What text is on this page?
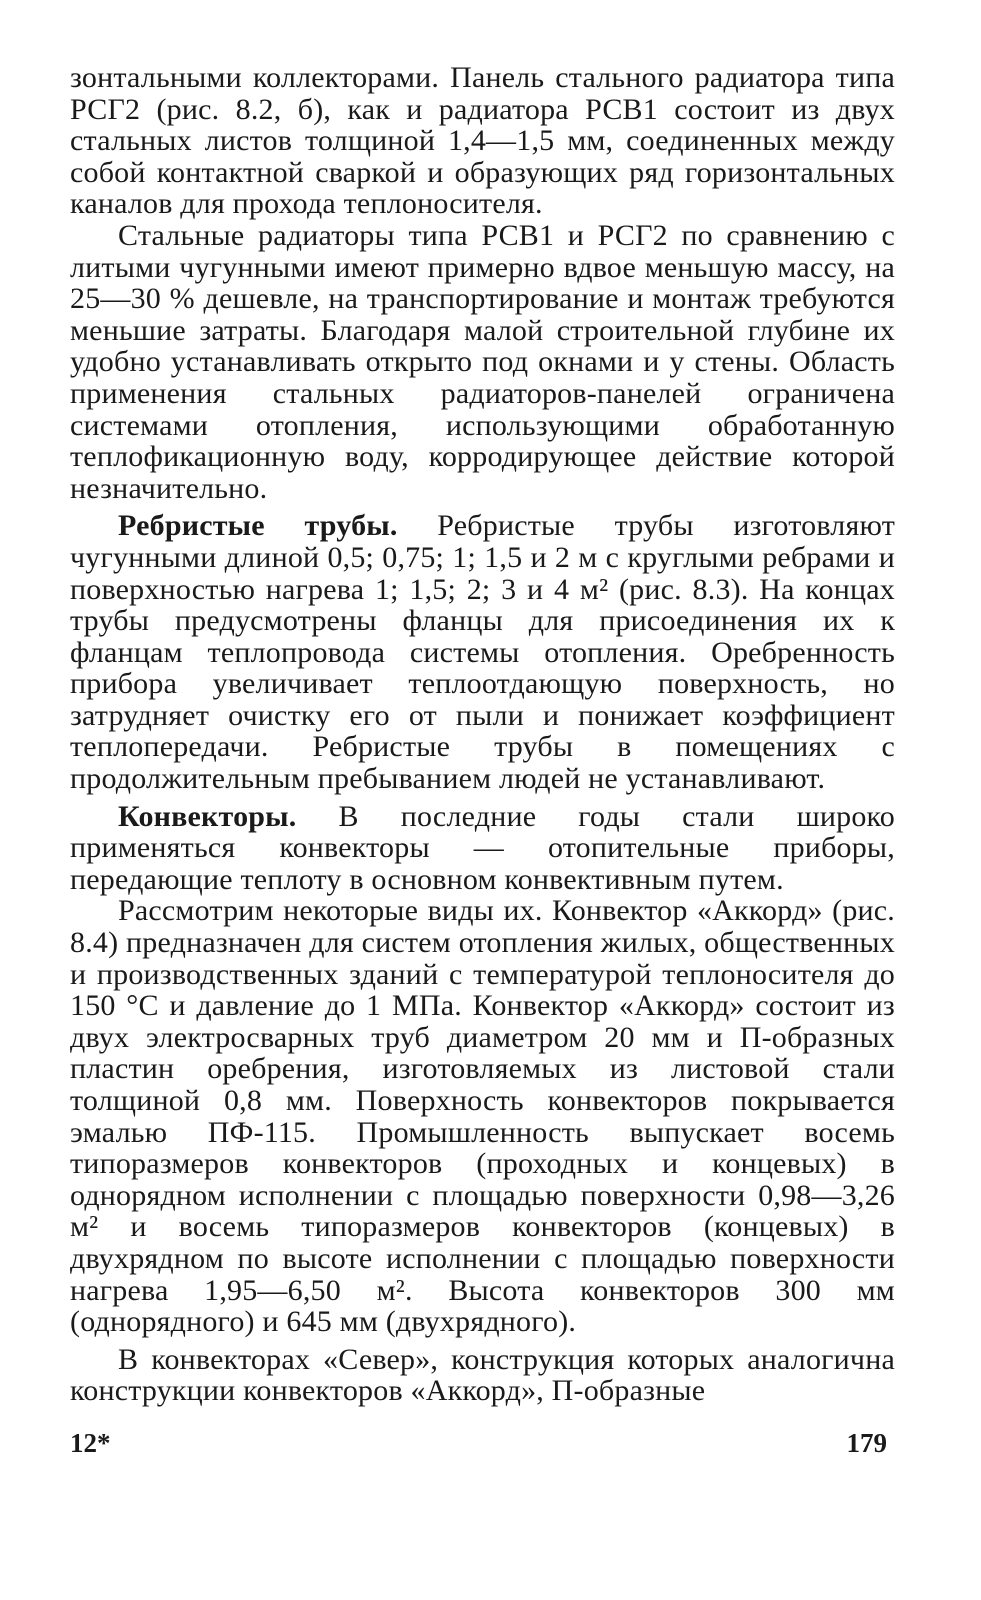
зонтальными коллекторами. Панель стального радиатора типа РСГ2 (рис. 8.2, б), как и радиатора РСВ1 состоит из двух стальных листов толщиной 1,4—1,5 мм, соединенных между собой контактной сваркой и образующих ряд горизонтальных каналов для прохода теплоносителя.

Стальные радиаторы типа РСВ1 и РСГ2 по сравнению с литыми чугунными имеют примерно вдвое меньшую массу, на 25—30 % дешевле, на транспортирование и монтаж требуются меньшие затраты. Благодаря малой строительной глубине их удобно устанавливать открыто под окнами и у стены. Область применения стальных радиаторов-панелей ограничена системами отопления, использующими обработанную теплофикационную воду, корродирующее действие которой незначительно.

Ребристые трубы. Ребристые трубы изготовляют чугунными длиной 0,5; 0,75; 1; 1,5 и 2 м с круглыми ребрами и поверхностью нагрева 1; 1,5; 2; 3 и 4 м² (рис. 8.3). На концах трубы предусмотрены фланцы для присоединения их к фланцам теплопровода системы отопления. Оребренность прибора увеличивает теплоотдающую поверхность, но затрудняет очистку его от пыли и понижает коэффициент теплопередачи. Ребристые трубы в помещениях с продолжительным пребыванием людей не устанавливают.

Конвекторы. В последние годы стали широко применяться конвекторы — отопительные приборы, передающие теплоту в основном конвективным путем.

Рассмотрим некоторые виды их. Конвектор «Аккорд» (рис. 8.4) предназначен для систем отопления жилых, общественных и производственных зданий с температурой теплоносителя до 150 °С и давление до 1 МПа. Конвектор «Аккорд» состоит из двух электросварных труб диаметром 20 мм и П-образных пластин оребрения, изготовляемых из листовой стали толщиной 0,8 мм. Поверхность конвекторов покрывается эмалью ПФ-115. Промышленность выпускает восемь типоразмеров конвекторов (проходных и концевых) в однорядном исполнении с площадью поверхности 0,98—3,26 м² и восемь типоразмеров конвекторов (концевых) в двухрядном по высоте исполнении с площадью поверхности нагрева 1,95—6,50 м². Высота конвекторов 300 мм (однорядного) и 645 мм (двухрядного).

В конвекторах «Север», конструкция которых аналогична конструкции конвекторов «Аккорд», П-образные

12*	179
